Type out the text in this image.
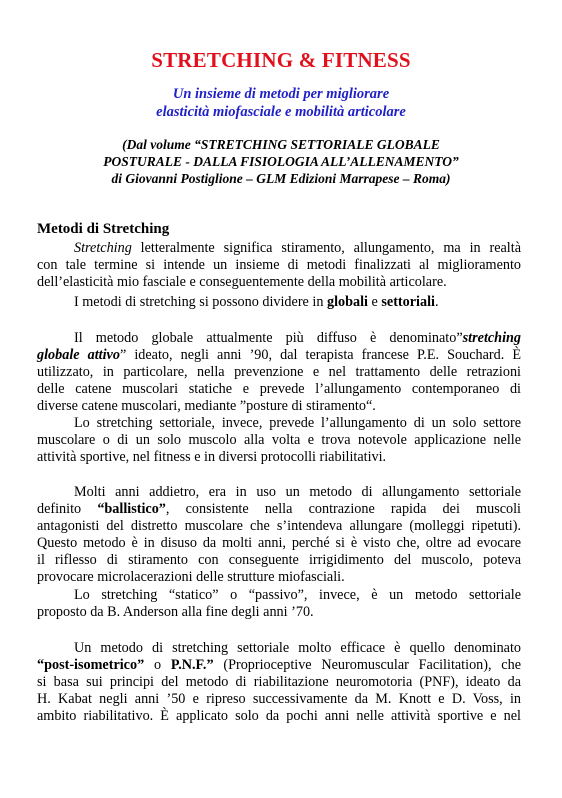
STRETCHING & FITNESS
Un insieme di metodi per migliorare
elasticità miofasciale e mobilità articolare
(Dal volume “STRETCHING SETTORIALE GLOBALE
POSTURALE - DALLA FISIOLOGIA ALL’ALLENAMENTO”
di Giovanni Postiglione – GLM Edizioni Marrapese – Roma)
Metodi di Stretching
Stretching letteralmente significa stiramento, allungamento, ma in realtà
con tale termine si intende un insieme di metodi finalizzati al miglioramento
dell’elasticità mio fasciale e conseguentemente della mobilità articolare.
I metodi di stretching si possono dividere in globali e settoriali.
Il metodo globale attualmente più diffuso è denominato”stretching
globale attivo” ideato, negli anni ’90, dal terapista francese P.E. Souchard. È
utilizzato, in particolare, nella prevenzione e nel trattamento delle retrazioni
delle catene muscolari statiche e prevede l’allungamento contemporaneo di
diverse catene muscolari, mediante ”posture di stiramento“.
Lo stretching settoriale, invece, prevede l’allungamento di un solo settore
muscolare o di un solo muscolo alla volta e trova notevole applicazione nelle
attività sportive, nel fitness e in diversi protocolli riabilitativi.
Molti anni addietro, era in uso un metodo di allungamento settoriale
definito “ballistico”, consistente nella contrazione rapida dei muscoli
antagonisti del distretto muscolare che s’intendeva allungare (molleggi ripetuti).
Questo metodo è in disuso da molti anni, perché si è visto che, oltre ad evocare
il riflesso di stiramento con conseguente irrigidimento del muscolo, poteva
provocare microlacerazioni delle strutture miofasciali.
Lo stretching “statico” o “passivo”, invece, è un metodo settoriale
proposto da B. Anderson alla fine degli anni ’70.
Un metodo di stretching settoriale molto efficace è quello denominato
“post-isometrico” o P.N.F.” (Proprioceptive Neuromuscular Facilitation), che
si basa sui principi del metodo di riabilitazione neuromotoria (PNF), ideato da
H. Kabat negli anni ’50 e ripreso successivamente da M. Knott e D. Voss, in
ambito riabilitativo. È applicato solo da pochi anni nelle attività sportive e nel
